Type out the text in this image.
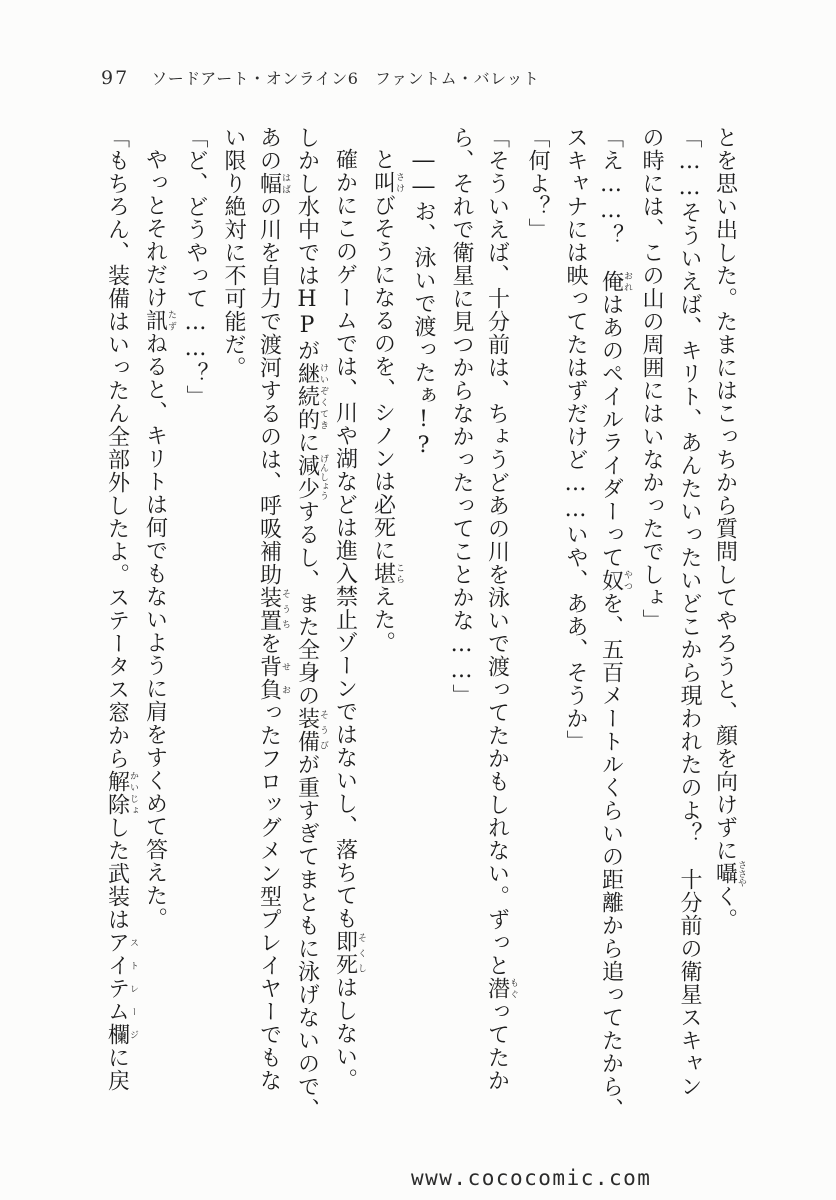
97 ソードアート・オンライン6　ファントム・バレット
とを思い出した。たまにはこっちから質問してやろうと、顔を向けずに囁ささやく。
「……そういえば、キリト、あんたいったいどこから現われたのよ？　十分前の衛星スキャン
の時には、この山の周囲にはいなかったでしょ」
「え……？　俺おれはあのペイルライダーって奴やつを、五百メートルくらいの距離から追ってたから、
スキャナには映ってたはずだけど……いや、ああ、そうか」
「何よ？」
「そういえば、十分前は、ちょうどあの川を泳いで渡ってたかもしれない。ずっと潜もぐってたか
ら、それで衛星に見つからなかったってことかな……」
――お、泳いで渡ったぁ!?
と叫さけびそうになるのを、シノンは必死に堪こらえた。
確かにこのゲームでは、川や湖などは進入禁止ゾーンではないし、落ちても即死そくしはしない。
しかし水中ではHPが継続的けいぞくてきに減少げんしょうするし、また全身の装備そうびが重すぎてまともに泳げないので、
あの幅はばの川を自力で渡河するのは、呼吸補助装置そうちを背負せおったフロッグメン型プレイヤーでもな
い限り絶対に不可能だ。
「ど、どうやって……？」
やっとそれだけ訊たずねると、キリトは何でもないように肩をすくめて答えた。
「もちろん、装備はいったん全部外したよ。ステータス窓から解除かいじょした武装はアイテム欄ストレージに戻
www.cococomic.com
